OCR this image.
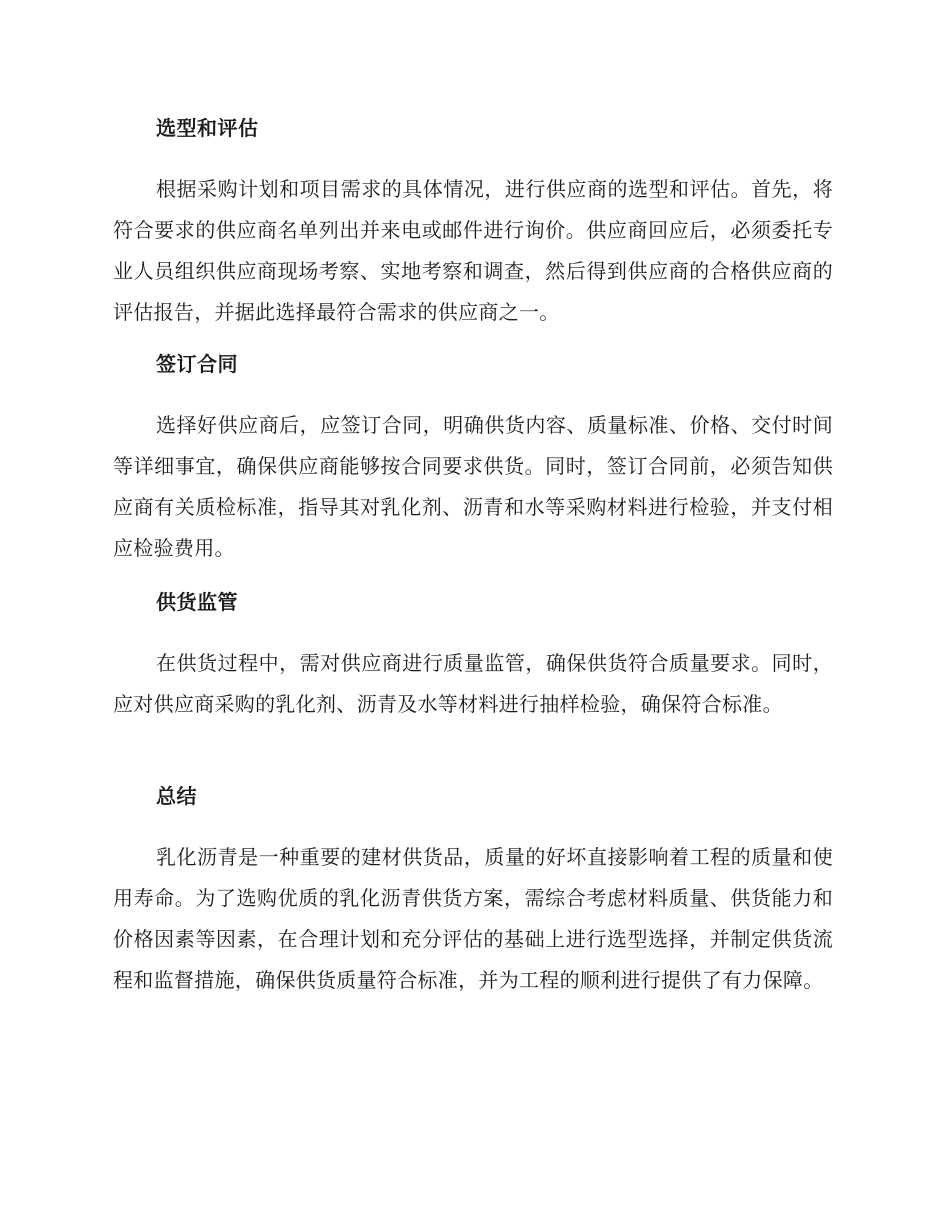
选型和评估

根据采购计划和项目需求的具体情况，进行供应商的选型和评估。首先，将符合要求的供应商名单列出并来电或邮件进行询价。供应商回应后，必须委托专业人员组织供应商现场考察、实地考察和调查，然后得到供应商的合格供应商的评估报告，并据此选择最符合需求的供应商之一。

签订合同

选择好供应商后，应签订合同，明确供货内容、质量标准、价格、交付时间等详细事宜，确保供应商能够按合同要求供货。同时，签订合同前，必须告知供应商有关质检标准，指导其对乳化剂、沥青和水等采购材料进行检验，并支付相应检验费用。

供货监管

在供货过程中，需对供应商进行质量监管，确保供货符合质量要求。同时，应对供应商采购的乳化剂、沥青及水等材料进行抽样检验，确保符合标准。

总结

乳化沥青是一种重要的建材供货品，质量的好坏直接影响着工程的质量和使用寿命。为了选购优质的乳化沥青供货方案，需综合考虑材料质量、供货能力和价格因素等因素，在合理计划和充分评估的基础上进行选型选择，并制定供货流程和监督措施，确保供货质量符合标准，并为工程的顺利进行提供了有力保障。
